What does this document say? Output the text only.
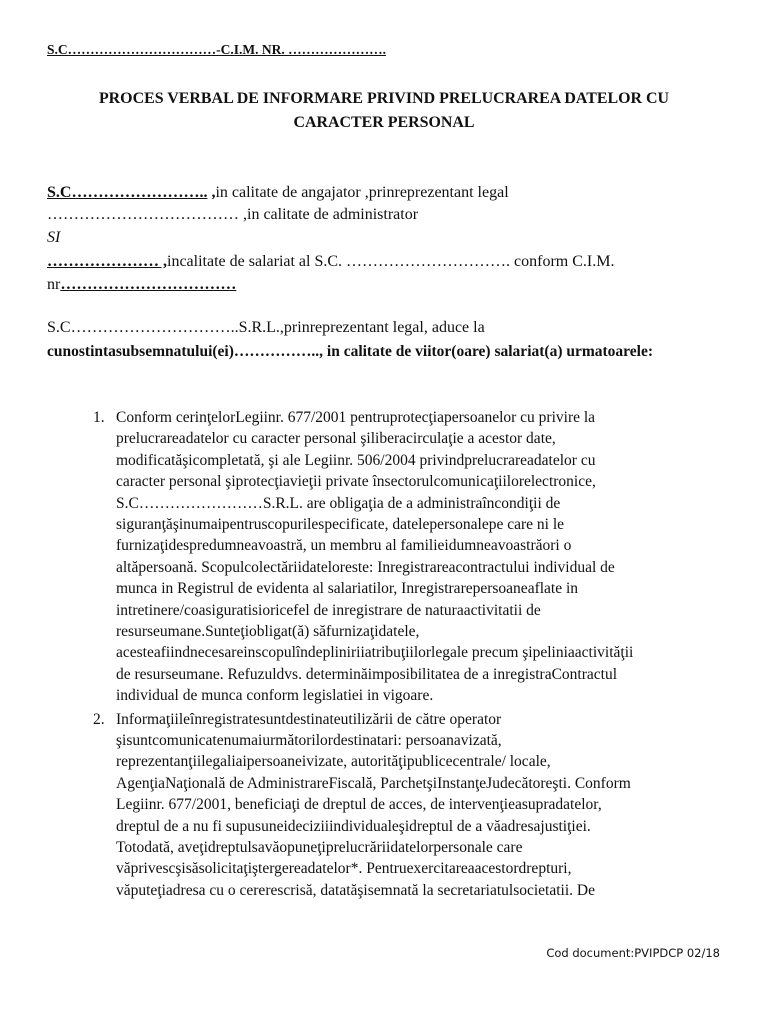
S.C……………………………-C.I.M. NR. ………………….
PROCES VERBAL DE INFORMARE PRIVIND PRELUCRAREA DATELOR CU
CARACTER PERSONAL
S.C…………………….. ,in calitate de angajator ,prinreprezentant legal
……………………………… ,in calitate de administrator
SI
………………… ,incalitate de salariat al S.C. …………………………. conform C.I.M.
nr……………………………
S.C…………………………..S.R.L.,prinreprezentant legal, aduce la
cunostintasubsemnatului(ei)…………….., in calitate de viitor(oare) salariat(a) urmatoarele:
1. Conform cerinţelorLegiinr. 677/2001 pentruprotecţiapersoanelor cu privire la
prelucrareadatelor cu caracter personal şiliberacirculaţie a acestor date,
modificatăşicompletată, şi ale Legiinr. 506/2004 privindprelucrareadatelor cu
caracter personal şiprotecţiavieţii private însectorulcomunicaţiilorelectronice,
S.C……………………S.R.L. are obligaţia de a administraîncondiţii de
siguranţăşinumaipentruscopurilespecificate, datelepersonalepe care ni le
furnizaţidespredumneavoastră, un membru al familieidumneavoastrăori o
altăpersoană. Scopulcolectăriidateloreste: Inregistrareacontractului individual de
munca in Registrul de evidenta al salariatilor, Inregistrarepersoaneaflate in
intretinere/coasiguratisioricefel de inregistrare de naturaactivitatii de
resurseumane.Sunteţiobligat(ă) săfurnizaţidatele,
acesteafiindnecesareinscopulîndepliniriiatribuţiilorlegale precum şipeliniaactivităţii
de resurseumane. Refuzuldvs. determinăimposibilitatea de a inregistraContractul
individual de munca conform legislatiei in vigoare.
2. Informaţiileînregistratesuntdestinateutilizării de către operator
şisuntcomunicatenumaiurmătorilordestinatari: persoanavizată,
reprezentanţiilegaliaipersoaneivizate, autorităţipublicecentrale/ locale,
AgenţiaNaţională de AdministrareFiscală, ParchetşiInstanţeJudecătoreşti. Conform
Legiinr. 677/2001, beneficiaţi de dreptul de acces, de intervenţieasupradatelor,
dreptul de a nu fi supusuneideciziiindividualeşidreptul de a văadresajustiţiei.
Totodată, aveţidreptulsavăopuneţiprelucrăriidatelorpersonale care
văprivescşisăsolicitaţiştergereadatelor*. Pentruexercitareaacestordrepturi,
văputeţiadresa cu o cererescrisă, datatăşisemnată la secretariatulsocietatii. De
Cod document:PVIPDCP 02/18
